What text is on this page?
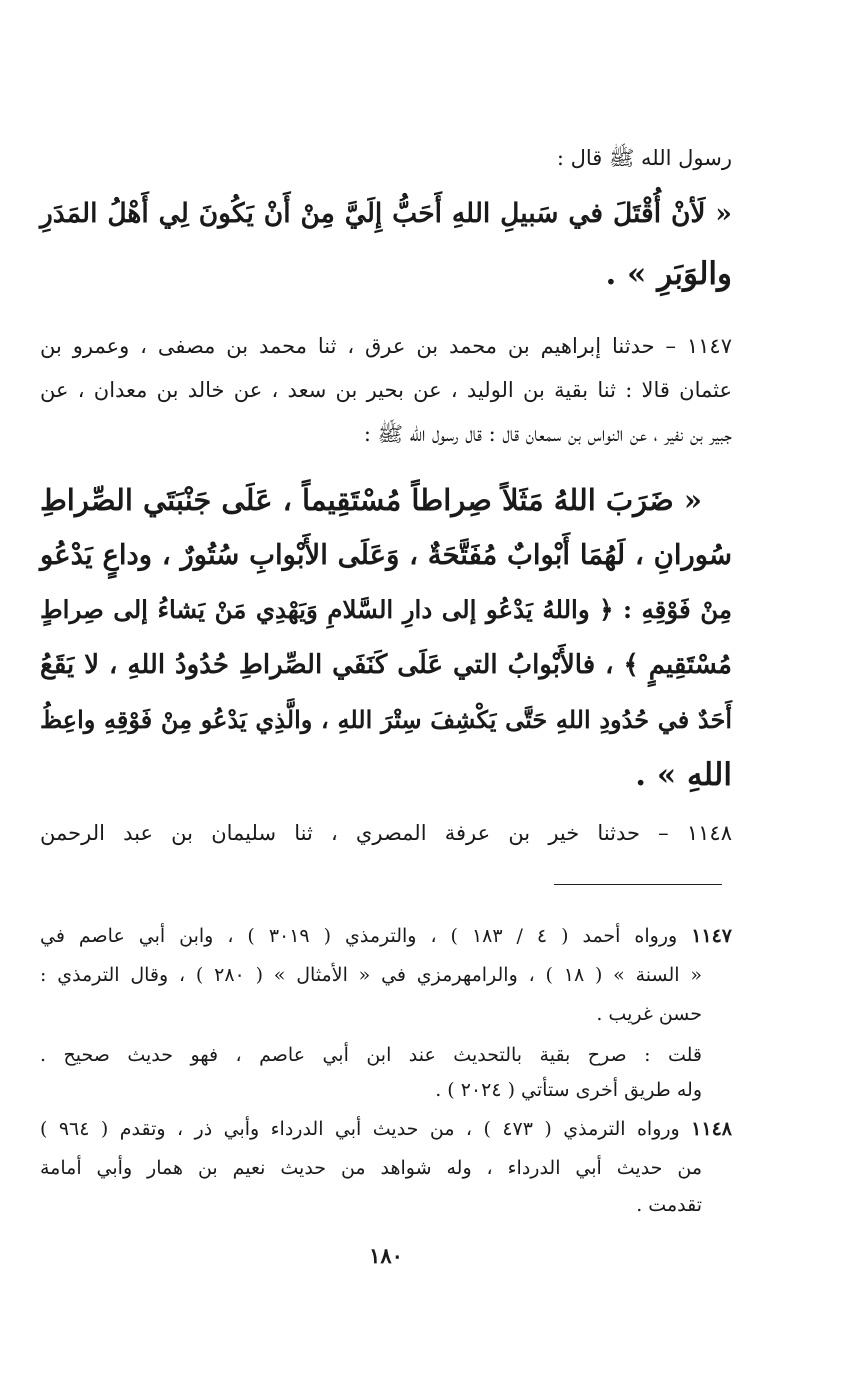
رسول الله ﷺ قال :
« لَأنْ أُقْتَلَ في سَبيلِ اللهِ أَحَبُّ إِلَيَّ مِنْ أَنْ يَكُونَ لِي أَهْلُ المَدَرِ
والوَبَرِ » .
١١٤٧ – حدثنا إبراهيم بن محمد بن عرق ، ثنا محمد بن مصفى ، وعمرو بن
عثمان قالا : ثنا بقية بن الوليد ، عن بحير بن سعد ، عن خالد بن معدان ، عن
جبير بن نفير ، عن النواس بن سمعان قال : قال رسول الله ﷺ :
« ضَرَبَ اللهُ مَثَلاً صِراطاً مُسْتَقِيماً ، عَلَى جَنْبَتَي الصِّراطِ
سُورانِ ، لَهُمَا أَبْوابٌ مُفَتَّحَةٌ ، وَعَلَى الأَبْوابِ سُتُورٌ ، وداعٍ يَدْعُو
مِنْ فَوْقِهِ : ﴿ واللهُ يَدْعُو إلى دارِ السَّلامِ وَيَهْدِي مَنْ يَشاءُ إلى صِراطٍ
مُسْتَقِيمٍ ﴾ ، فالأَبْوابُ التي عَلَى كَنَفَي الصِّراطِ حُدُودُ اللهِ ، لا يَقَعُ
أَحَدٌ في حُدُودِ اللهِ حَتَّى يَكْشِفَ سِتْرَ اللهِ ، والَّذِي يَدْعُو مِنْ فَوْقِهِ واعِظُ
اللهِ » .
١١٤٨ – حدثنا خير بن عرفة المصري ، ثنا سليمان بن عبد الرحمن
١١٤٧ ورواه أحمد ( ٤ / ١٨٣ ) ، والترمذي ( ٣٠١٩ ) ، وابن أبي عاصم في
« السنة » ( ١٨ ) ، والرامهرمزي في « الأمثال » ( ٢٨٠ ) ، وقال الترمذي :
حسن غريب .
قلت : صرح بقية بالتحديث عند ابن أبي عاصم ، فهو حديث صحيح .
وله طريق أخرى ستأتي ( ٢٠٢٤ ) .
١١٤٨ ورواه الترمذي ( ٤٧٣ ) ، من حديث أبي الدرداء وأبي ذر ، وتقدم ( ٩٦٤ )
من حديث أبي الدرداء ، وله شواهد من حديث نعيم بن همار وأبي أمامة
تقدمت .
١٨٠
